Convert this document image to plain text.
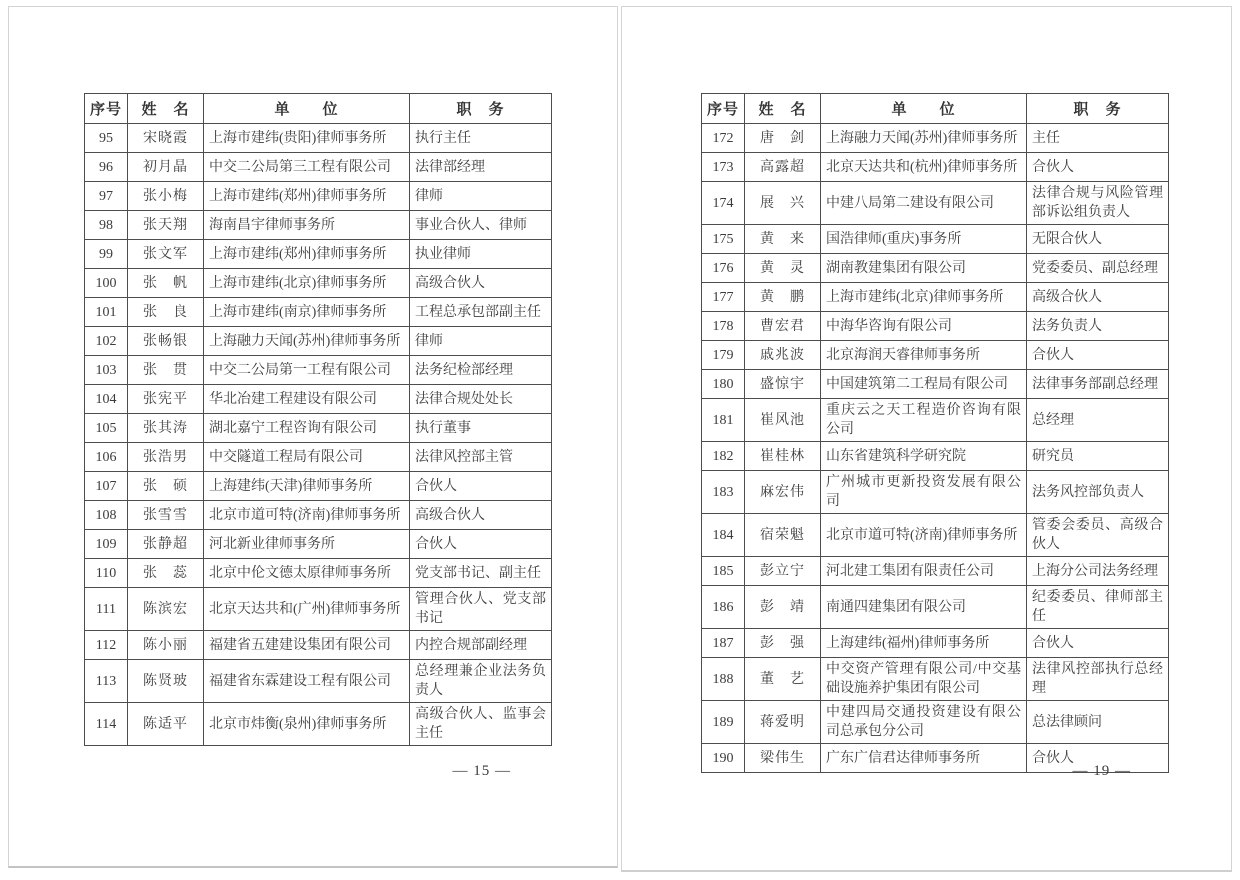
序号	姓　名	单　　位	职　务
95	宋晓霞	上海市建纬(贵阳)律师事务所	执行主任
96	初月晶	中交二公局第三工程有限公司	法律部经理
97	张小梅	上海市建纬(郑州)律师事务所	律师
98	张天翔	海南昌宇律师事务所	事业合伙人、律师
99	张文军	上海市建纬(郑州)律师事务所	执业律师
100	张　帆	上海市建纬(北京)律师事务所	高级合伙人
101	张　良	上海市建纬(南京)律师事务所	工程总承包部副主任
102	张畅银	上海融力天闻(苏州)律师事务所	律师
103	张　贯	中交二公局第一工程有限公司	法务纪检部经理
104	张宪平	华北冶建工程建设有限公司	法律合规处处长
105	张其涛	湖北嘉宁工程咨询有限公司	执行董事
106	张浩男	中交隧道工程局有限公司	法律风控部主管
107	张　硕	上海建纬(天津)律师事务所	合伙人
108	张雪雪	北京市道可特(济南)律师事务所	高级合伙人
109	张静超	河北新业律师事务所	合伙人
110	张　蕊	北京中伦文德太原律师事务所	党支部书记、副主任
111	陈滨宏	北京天达共和(广州)律师事务所	管理合伙人、党支部书记
112	陈小丽	福建省五建建设集团有限公司	内控合规部副经理
113	陈贤玻	福建省东霖建设工程有限公司	总经理兼企业法务负责人
114	陈适平	北京市炜衡(泉州)律师事务所	高级合伙人、监事会主任
— 15 —
序号	姓　名	单　　位	职　务
172	唐　剑	上海融力天闻(苏州)律师事务所	主任
173	高露超	北京天达共和(杭州)律师事务所	合伙人
174	展　兴	中建八局第二建设有限公司	法律合规与风险管理部诉讼组负责人
175	黄　来	国浩律师(重庆)事务所	无限合伙人
176	黄　灵	湖南教建集团有限公司	党委委员、副总经理
177	黄　鹏	上海市建纬(北京)律师事务所	高级合伙人
178	曹宏君	中海华咨询有限公司	法务负责人
179	戚兆波	北京海润天睿律师事务所	合伙人
180	盛惊宇	中国建筑第二工程局有限公司	法律事务部副总经理
181	崔风池	重庆云之天工程造价咨询有限公司	总经理
182	崔桂林	山东省建筑科学研究院	研究员
183	麻宏伟	广州城市更新投资发展有限公司	法务风控部负责人
184	宿荣魁	北京市道可特(济南)律师事务所	管委会委员、高级合伙人
185	彭立宁	河北建工集团有限责任公司	上海分公司法务经理
186	彭　靖	南通四建集团有限公司	纪委委员、律师部主任
187	彭　强	上海建纬(福州)律师事务所	合伙人
188	董　艺	中交资产管理有限公司/中交基础设施养护集团有限公司	法律风控部执行总经理
189	蒋爱明	中建四局交通投资建设有限公司总承包分公司	总法律顾问
190	梁伟生	广东广信君达律师事务所	合伙人
— 19 —
